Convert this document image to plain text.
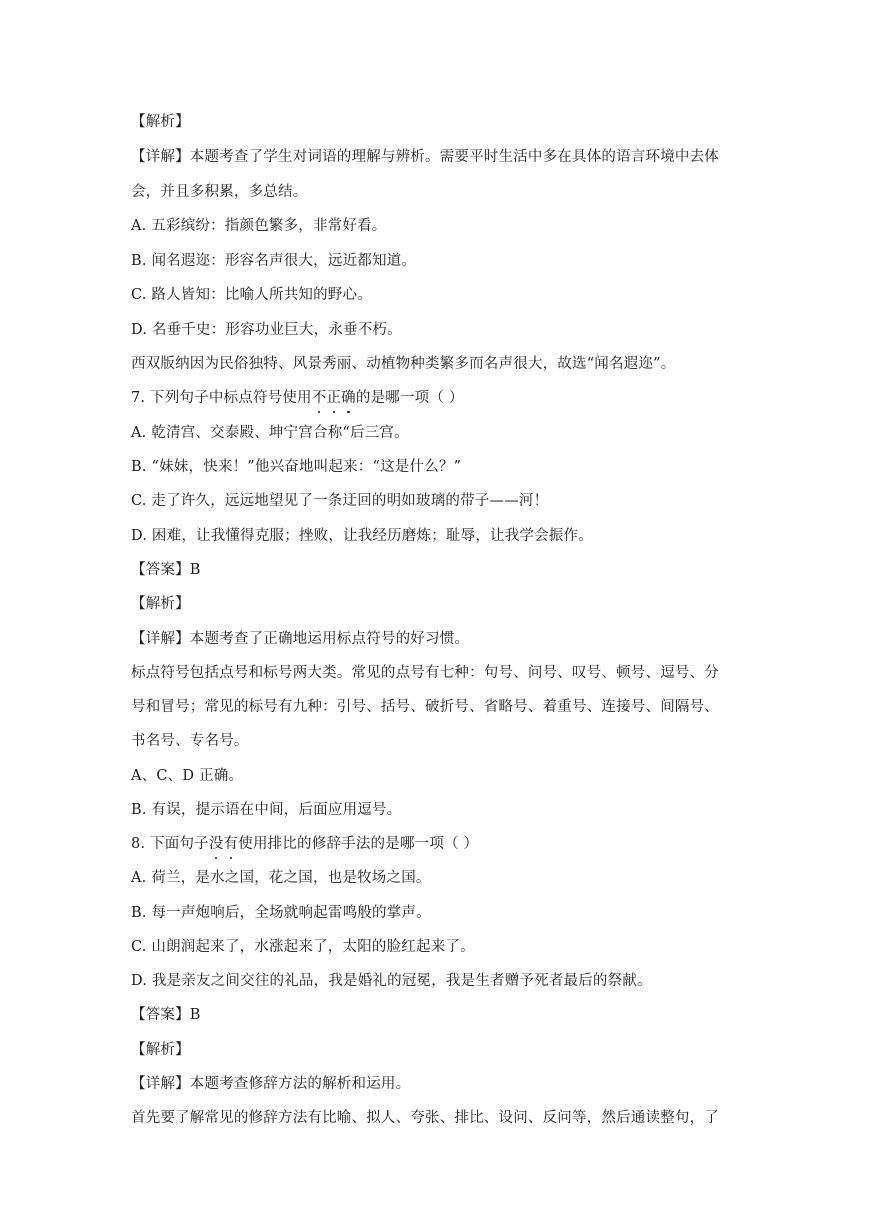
【解析】
【详解】本题考查了学生对词语的理解与辨析。需要平时生活中多在具体的语言环境中去体
会，并且多积累，多总结。
A. 五彩缤纷：指颜色繁多，非常好看。
B. 闻名遐迩：形容名声很大，远近都知道。
C. 路人皆知：比喻人所共知的野心。
D. 名垂千史：形容功业巨大，永垂不朽。
西双版纳因为民俗独特、风景秀丽、动植物种类繁多而名声很大，故选“闻名遐迩”。
7. 下列句子中标点符号使用不正确的是哪一项（ ）
A. 乾清宫、交泰殿、坤宁宫合称“后三宫。
B. “妹妹，快来！”他兴奋地叫起来：“这是什么？”
C. 走了许久，远远地望见了一条迂回的明如玻璃的带子——河！
D. 困难，让我懂得克服；挫败，让我经历磨炼；耻辱，让我学会振作。
【答案】B
【解析】
【详解】本题考查了正确地运用标点符号的好习惯。
标点符号包括点号和标号两大类。常见的点号有七种：句号、问号、叹号、顿号、逗号、分
号和冒号；常见的标号有九种：引号、括号、破折号、省略号、着重号、连接号、间隔号、
书名号、专名号。
A、C、D 正确。
B. 有误，提示语在中间，后面应用逗号。
8. 下面句子没有使用排比的修辞手法的是哪一项（ ）
A. 荷兰，是水之国，花之国，也是牧场之国。
B. 每一声炮响后，全场就响起雷鸣般的掌声。
C. 山朗润起来了，水涨起来了，太阳的脸红起来了。
D. 我是亲友之间交往的礼品，我是婚礼的冠冕，我是生者赠予死者最后的祭献。
【答案】B
【解析】
【详解】本题考查修辞方法的解析和运用。
首先要了解常见的修辞方法有比喻、拟人、夸张、排比、设问、反问等，然后通读整句，了
